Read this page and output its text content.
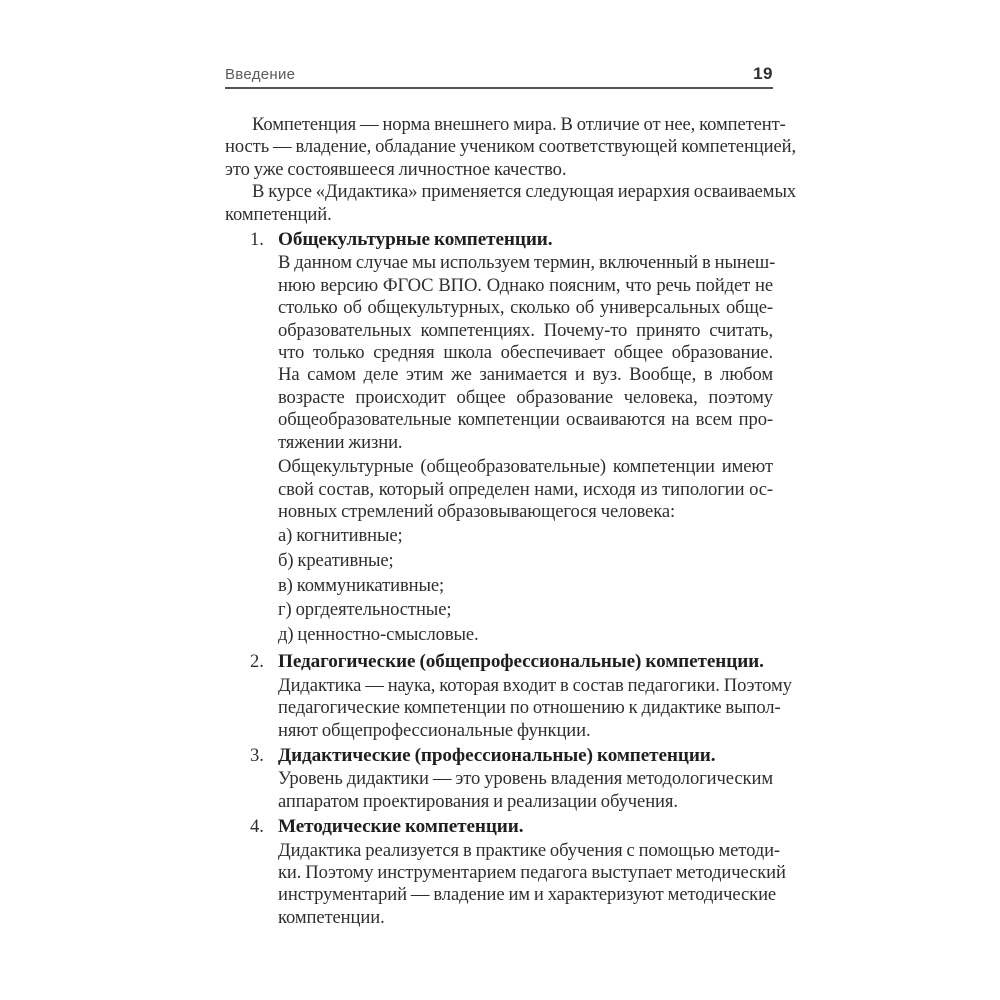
Введение	19

Компетенция — норма внешнего мира. В отличие от нее, компетент-
ность — владение, обладание учеником соответствующей компетенцией,
это уже состоявшееся личностное качество.

В курсе «Дидактика» применяется следующая иерархия осваиваемых
компетенций.

1. Общекультурные компетенции.

В данном случае мы используем термин, включенный в нынеш-
нюю версию ФГОС ВПО. Однако поясним, что речь пойдет не
столько об общекультурных, сколько об универсальных обще-
образовательных компетенциях. Почему-то принято считать,
что только средняя школа обеспечивает общее образование.
На самом деле этим же занимается и вуз. Вообще, в любом
возрасте происходит общее образование человека, поэтому
общеобразовательные компетенции осваиваются на всем про-
тяжении жизни.

Общекультурные (общеобразовательные) компетенции имеют
свой состав, который определен нами, исходя из типологии ос-
новных стремлений образовывающегося человека:

а) когнитивные;
б) креативные;
в) коммуникативные;
г) оргдеятельностные;
д) ценностно-смысловые.
2. Педагогические (общепрофессиональные) компетенции.

Дидактика — наука, которая входит в состав педагогики. Поэтому
педагогические компетенции по отношению к дидактике выпол-
няют общепрофессиональные функции.

3. Дидактические (профессиональные) компетенции.

Уровень дидактики — это уровень владения методологическим
аппаратом проектирования и реализации обучения.

4. Методические компетенции.

Дидактика реализуется в практике обучения с помощью методи-
ки. Поэтому инструментарием педагога выступает методический
инструментарий — владение им и характеризуют методические
компетенции.
